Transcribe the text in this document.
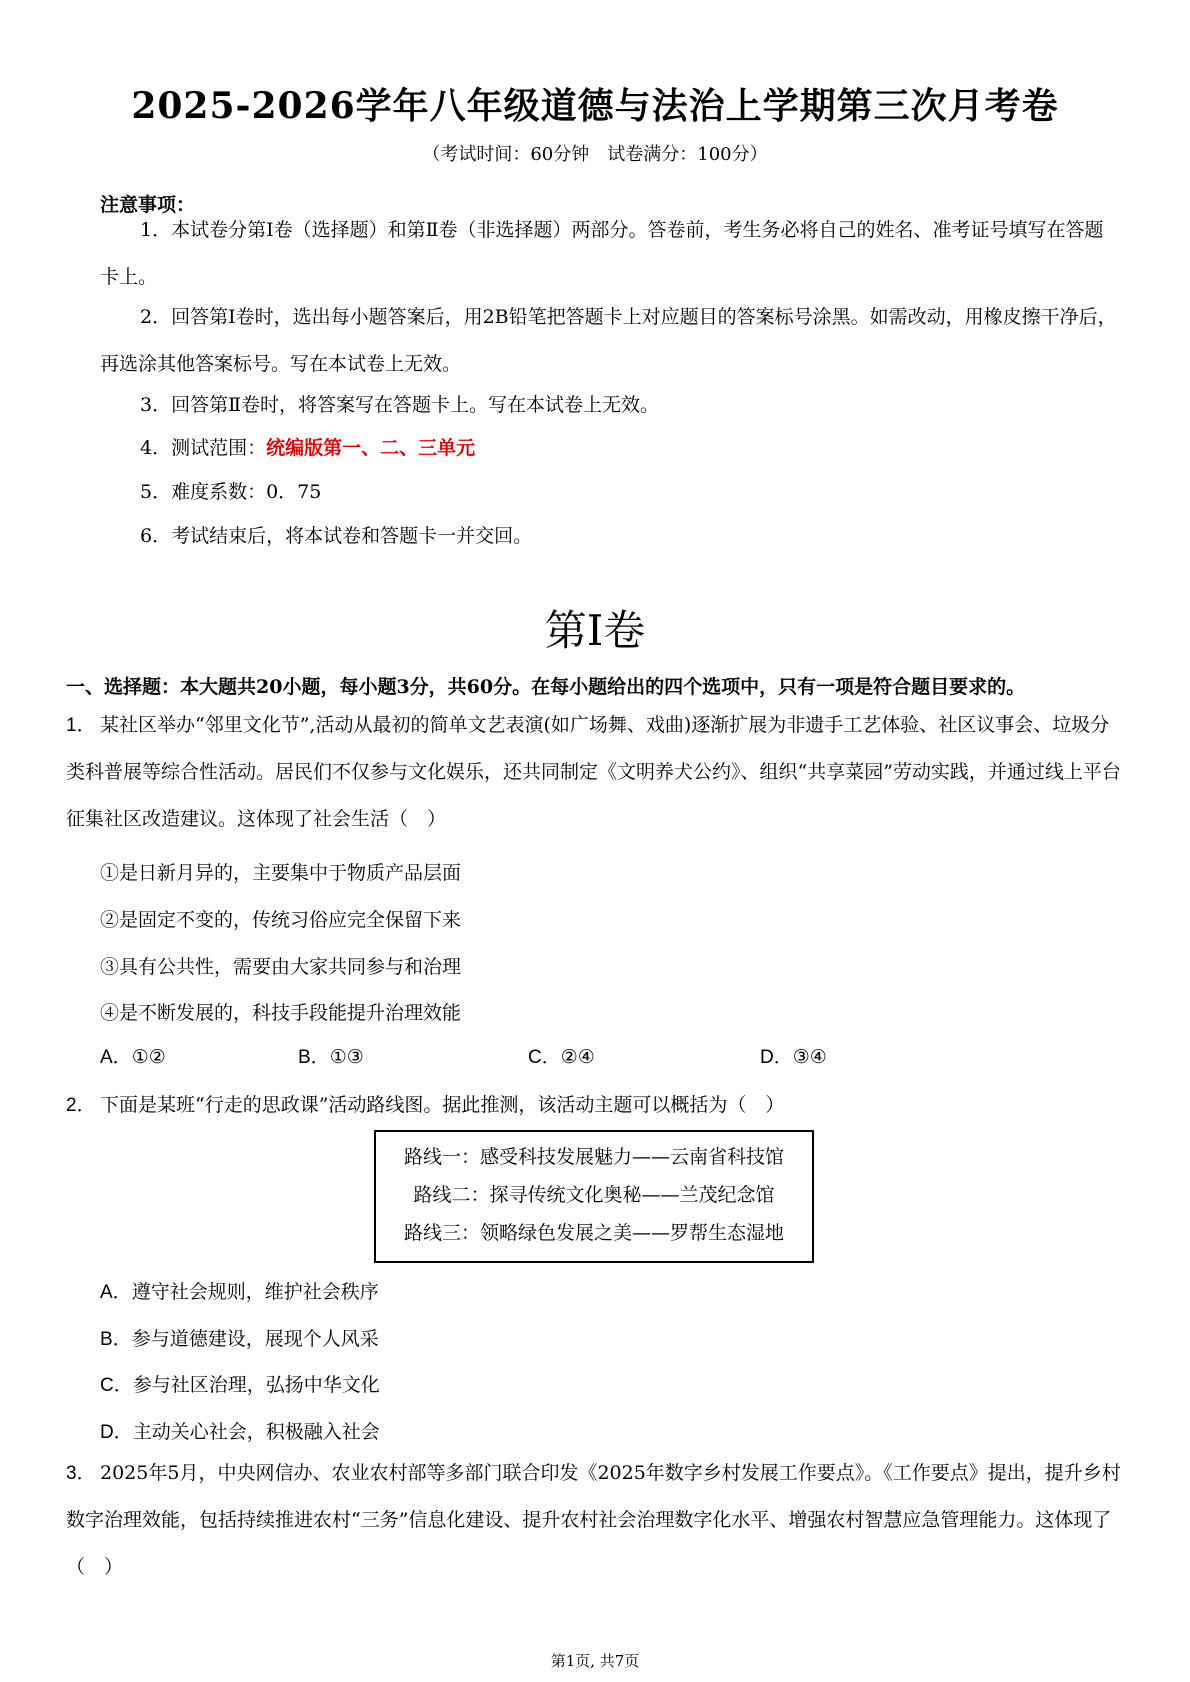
2025-2026学年八年级道德与法治上学期第三次月考卷
（考试时间：60分钟　试卷满分：100分）
注意事项：
1．本试卷分第Ⅰ卷（选择题）和第Ⅱ卷（非选择题）两部分。答卷前，考生务必将自己的姓名、准考证号填写在答题卡上。
2．回答第Ⅰ卷时，选出每小题答案后，用2B铅笔把答题卡上对应题目的答案标号涂黑。如需改动，用橡皮擦干净后，再选涂其他答案标号。写在本试卷上无效。
3．回答第Ⅱ卷时，将答案写在答题卡上。写在本试卷上无效。
4．测试范围：统编版第一、二、三单元
5．难度系数：0．75
6．考试结束后，将本试卷和答题卡一并交回。
第Ⅰ卷
一、选择题：本大题共20小题，每小题3分，共60分。在每小题给出的四个选项中，只有一项是符合题目要求的。
1． 某社区举办“邻里文化节”,活动从最初的简单文艺表演(如广场舞、戏曲)逐渐扩展为非遗手工艺体验、社区议事会、垃圾分类科普展等综合性活动。居民们不仅参与文化娱乐，还共同制定《文明养犬公约》、组织“共享菜园”劳动实践，并通过线上平台征集社区改造建议。这体现了社会生活（　）
①是日新月异的，主要集中于物质产品层面
②是固定不变的，传统习俗应完全保留下来
③具有公共性，需要由大家共同参与和治理
④是不断发展的，科技手段能提升治理效能
A．①②	B．①③	C．②④	D．③④
2． 下面是某班“行走的思政课”活动路线图。据此推测，该活动主题可以概括为（　）
路线一：感受科技发展魅力——云南省科技馆
路线二：探寻传统文化奥秘——兰茂纪念馆
路线三：领略绿色发展之美——罗帮生态湿地
A．遵守社会规则，维护社会秩序
B．参与道德建设，展现个人风采
C．参与社区治理，弘扬中华文化
D．主动关心社会，积极融入社会
3． 2025年5月，中央网信办、农业农村部等多部门联合印发《2025年数字乡村发展工作要点》。《工作要点》提出，提升乡村数字治理效能，包括持续推进农村“三务”信息化建设、提升农村社会治理数字化水平、增强农村智慧应急管理能力。这体现了（　）
第1页, 共7页
